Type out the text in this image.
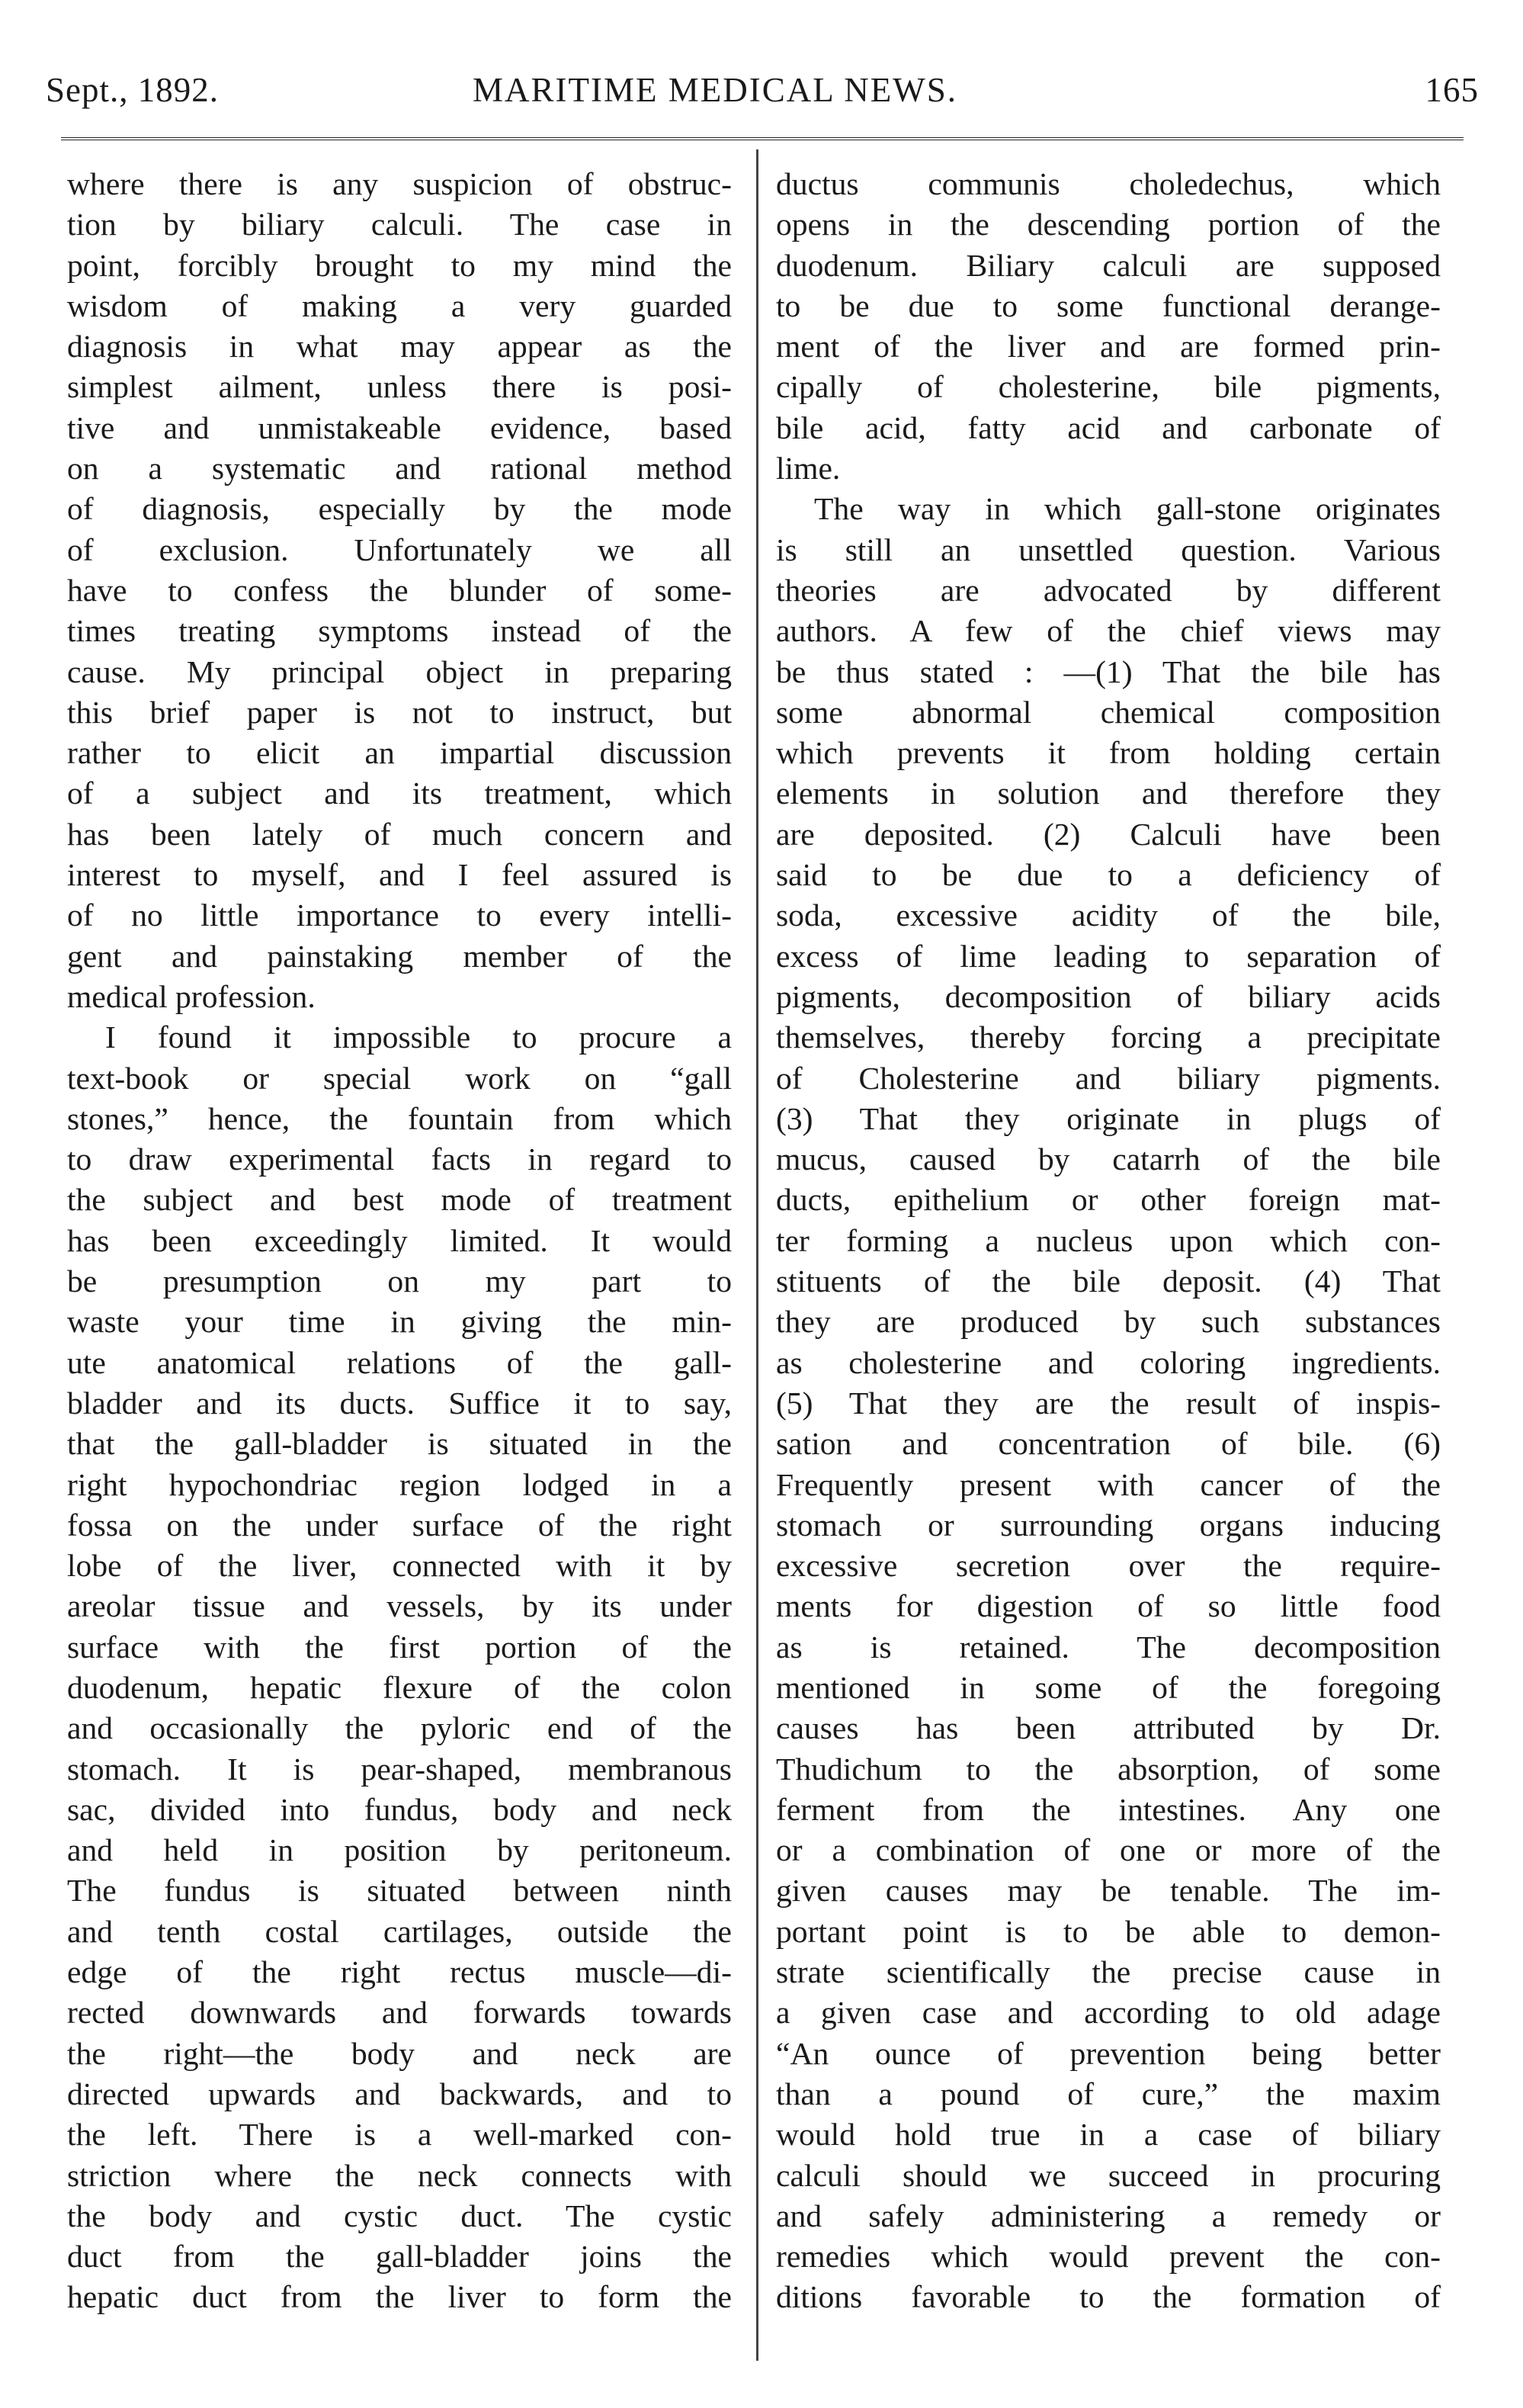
Sept., 1892.	MARITIME MEDICAL NEWS.	165
where there is any suspicion of obstruc-
tion by biliary calculi. The case in
point, forcibly brought to my mind the
wisdom of making a very guarded
diagnosis in what may appear as the
simplest ailment, unless there is posi-
tive and unmistakeable evidence, based
on a systematic and rational method
of diagnosis, especially by the mode
of exclusion. Unfortunately we all
have to confess the blunder of some-
times treating symptoms instead of the
cause. My principal object in preparing
this brief paper is not to instruct, but
rather to elicit an impartial discussion
of a subject and its treatment, which
has been lately of much concern and
interest to myself, and I feel assured is
of no little importance to every intelli-
gent and painstaking member of the
medical profession.
I found it impossible to procure a
text-book or special work on “gall
stones,” hence, the fountain from which
to draw experimental facts in regard to
the subject and best mode of treatment
has been exceedingly limited. It would
be presumption on my part to
waste your time in giving the min-
ute anatomical relations of the gall-
bladder and its ducts. Suffice it to say,
that the gall-bladder is situated in the
right hypochondriac region lodged in a
fossa on the under surface of the right
lobe of the liver, connected with it by
areolar tissue and vessels, by its under
surface with the first portion of the
duodenum, hepatic flexure of the colon
and occasionally the pyloric end of the
stomach. It is pear-shaped, membranous
sac, divided into fundus, body and neck
and held in position by peritoneum.
The fundus is situated between ninth
and tenth costal cartilages, outside the
edge of the right rectus muscle—di-
rected downwards and forwards towards
the right—the body and neck are
directed upwards and backwards, and to
the left. There is a well-marked con-
striction where the neck connects with
the body and cystic duct. The cystic
duct from the gall-bladder joins the
hepatic duct from the liver to form the
ductus communis choledechus, which
opens in the descending portion of the
duodenum. Biliary calculi are supposed
to be due to some functional derange-
ment of the liver and are formed prin-
cipally of cholesterine, bile pigments,
bile acid, fatty acid and carbonate of
lime.
The way in which gall-stone originates
is still an unsettled question. Various
theories are advocated by different
authors. A few of the chief views may
be thus stated : —(1) That the bile has
some abnormal chemical composition
which prevents it from holding certain
elements in solution and therefore they
are deposited. (2) Calculi have been
said to be due to a deficiency of
soda, excessive acidity of the bile,
excess of lime leading to separation of
pigments, decomposition of biliary acids
themselves, thereby forcing a precipitate
of Cholesterine and biliary pigments.
(3) That they originate in plugs of
mucus, caused by catarrh of the bile
ducts, epithelium or other foreign mat-
ter forming a nucleus upon which con-
stituents of the bile deposit. (4) That
they are produced by such substances
as cholesterine and coloring ingredients.
(5) That they are the result of inspis-
sation and concentration of bile. (6)
Frequently present with cancer of the
stomach or surrounding organs inducing
excessive secretion over the require-
ments for digestion of so little food
as is retained. The decomposition
mentioned in some of the foregoing
causes has been attributed by Dr.
Thudichum to the absorption, of some
ferment from the intestines. Any one
or a combination of one or more of the
given causes may be tenable. The im-
portant point is to be able to demon-
strate scientifically the precise cause in
a given case and according to old adage
“An ounce of prevention being better
than a pound of cure,” the maxim
would hold true in a case of biliary
calculi should we succeed in procuring
and safely administering a remedy or
remedies which would prevent the con-
ditions favorable to the formation of
